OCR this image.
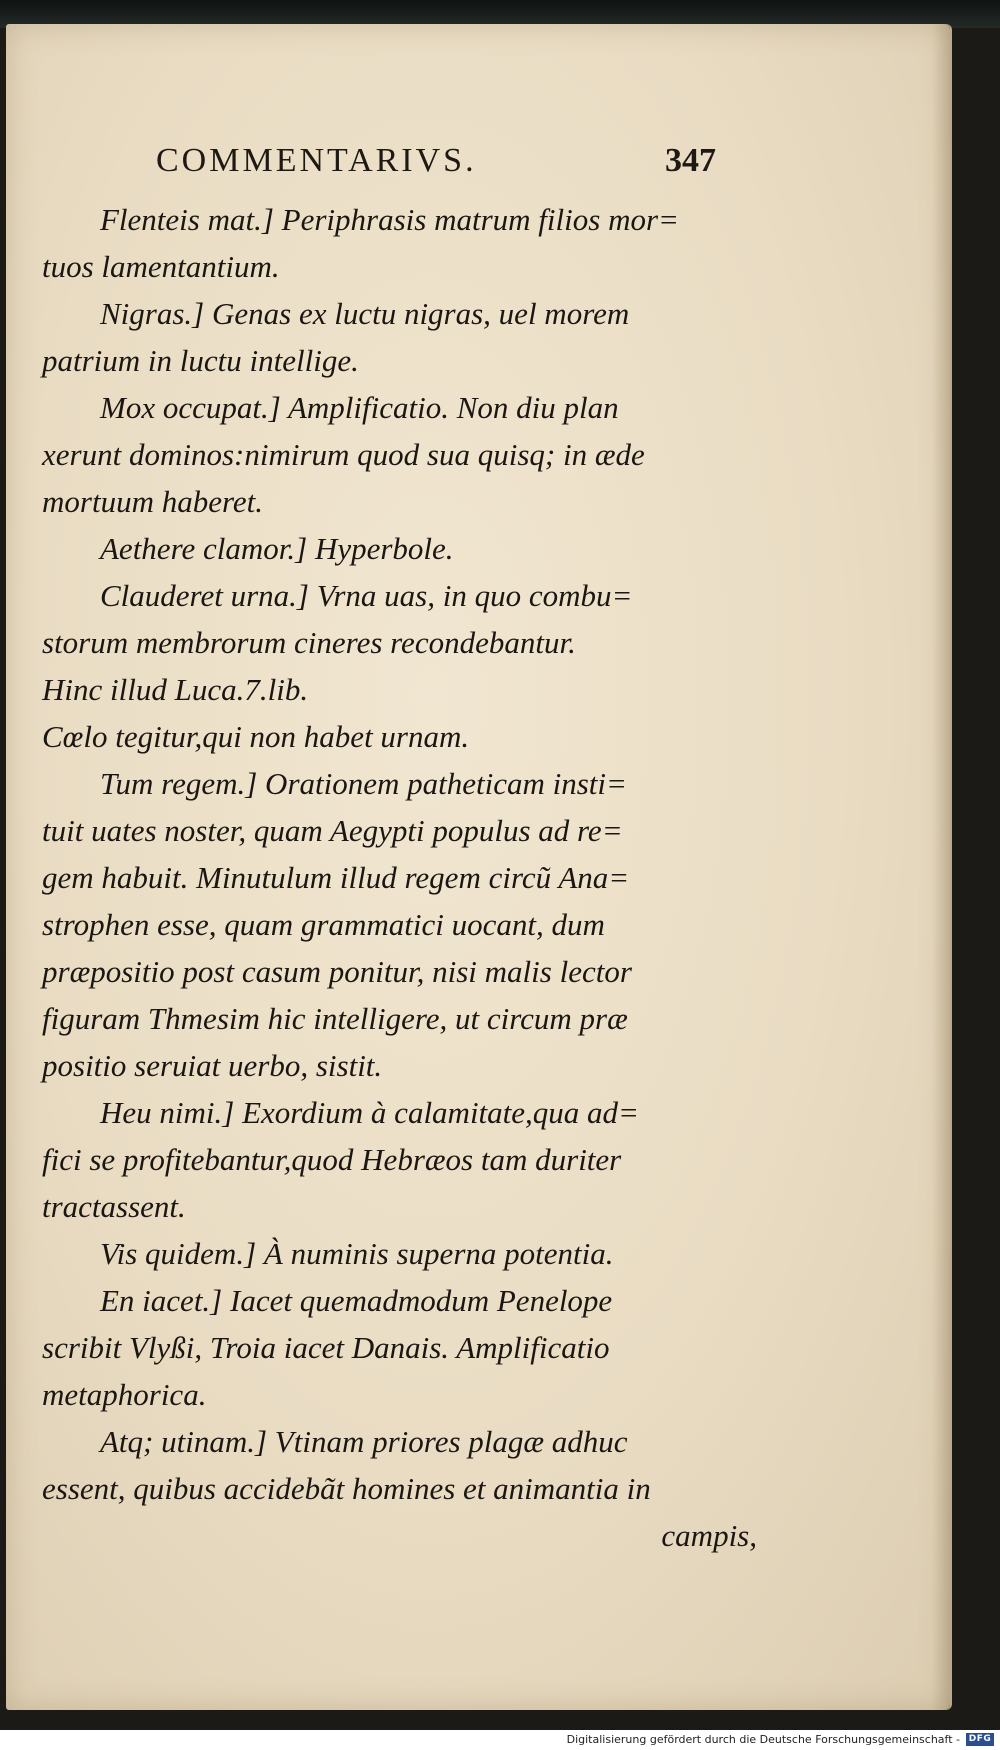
COMMENTARIVS.	347
Flenteis mat.] Periphrasis matrum filios mor=
tuos lamentantium.
Nigras.] Genas ex luctu nigras, uel morem
patrium in luctu intellige.
Mox occupat.] Amplificatio. Non diu plan
xerunt dominos:nimirum quod sua quisq; in æde
mortuum haberet.
Aethere clamor.] Hyperbole.
Clauderet urna.] Vrna uas, in quo combu=
storum membrorum cineres recondebantur.
Hinc illud Luca.7.lib.
Cœlo tegitur,qui non habet urnam.
Tum regem.] Orationem patheticam insti=
tuit uates noster, quam Aegypti populus ad re=
gem habuit. Minutulum illud regem circũ Ana=
strophen esse, quam grammatici uocant, dum
præpositio post casum ponitur, nisi malis lector
figuram Thmesim hic intelligere, ut circum præ
positio seruiat uerbo, sistit.
Heu nimi.] Exordium à calamitate,qua ad=
fici se profitebantur,quod Hebræos tam duriter
tractassent.
Vis quidem.] À numinis superna potentia.
En iacet.] Iacet quemadmodum Penelope
scribit Vlyßi, Troia iacet Danais. Amplificatio
metaphorica.
Atq; utinam.] Vtinam priores plagæ adhuc
essent, quibus accidebãt homines et animantia in
campis,
Digitalisierung gefördert durch die Deutsche Forschungsgemeinschaft - DFG
